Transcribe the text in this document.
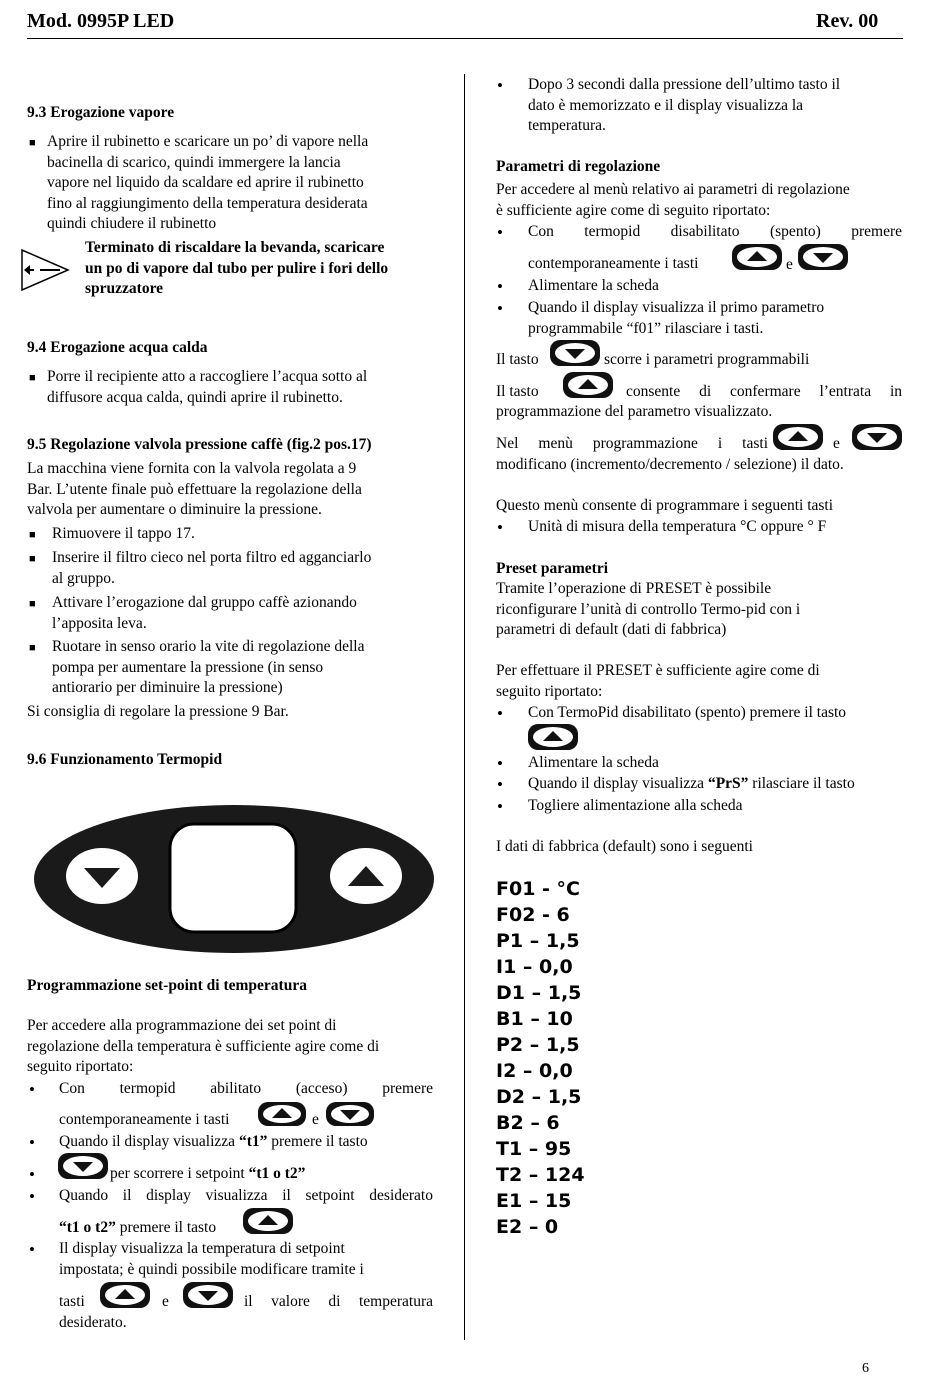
Mod. 0995P LED	Rev. 00
9.3 Erogazione vapore
■ Aprire il rubinetto e scaricare un po’ di vapore nella
bacinella di scarico, quindi immergere la lancia
vapore nel liquido da scaldare ed aprire il rubinetto
fino al raggiungimento della temperatura desiderata
quindi chiudere il rubinetto
Terminato di riscaldare la bevanda, scaricare
un po di vapore dal tubo per pulire i fori dello
spruzzatore
9.4 Erogazione acqua calda
■ Porre il recipiente atto a raccogliere l’acqua sotto al
diffusore acqua calda, quindi aprire il rubinetto.
9.5 Regolazione valvola pressione caffè (fig.2 pos.17)
La macchina viene fornita con la valvola regolata a 9
Bar. L’utente finale può effettuare la regolazione della
valvola per aumentare o diminuire la pressione.
■ Rimuovere il tappo 17.
■ Inserire il filtro cieco nel porta filtro ed agganciarlo
al gruppo.
■ Attivare l’erogazione dal gruppo caffè azionando
l’apposita leva.
■ Ruotare in senso orario la vite di regolazione della
pompa per aumentare la pressione (in senso
antiorario per diminuire la pressione)
Si consiglia di regolare la pressione 9 Bar.
9.6 Funzionamento Termopid
Programmazione set-point di temperatura
Per accedere alla programmazione dei set point di
regolazione della temperatura è sufficiente agire come di
seguito riportato:
• Con termopid abilitato (acceso) premere
contemporaneamente i tasti	e
• Quando il display visualizza “t1” premere il tasto
•	per scorrere i setpoint “t1 o t2”
• Quando il display visualizza il setpoint desiderato
“t1 o t2” premere il tasto
• Il display visualizza la temperatura di setpoint
impostata; è quindi possibile modificare tramite i
tasti	e	il valore di temperatura
desiderato.
• Dopo 3 secondi dalla pressione dell’ultimo tasto il
dato è memorizzato e il display visualizza la
temperatura.
Parametri di regolazione
Per accedere al menù relativo ai parametri di regolazione
è sufficiente agire come di seguito riportato:
• Con termopid disabilitato (spento) premere
contemporaneamente i tasti	e
• Alimentare la scheda
• Quando il display visualizza il primo parametro
programmabile “f01” rilasciare i tasti.
Il tasto	scorre i parametri programmabili
Il tasto	consente di confermare l’entrata in
programmazione del parametro visualizzato.
Nel menù programmazione i tasti	e
modificano (incremento/decremento / selezione) il dato.
Questo menù consente di programmare i seguenti tasti
• Unità di misura della temperatura °C oppure ° F
Preset parametri
Tramite l’operazione di PRESET è possibile
riconfigurare l’unità di controllo Termo-pid con i
parametri di default (dati di fabbrica)
Per effettuare il PRESET è sufficiente agire come di
seguito riportato:
• Con TermoPid disabilitato (spento) premere il tasto
• Alimentare la scheda
• Quando il display visualizza “PrS” rilasciare il tasto
• Togliere alimentazione alla scheda
I dati di fabbrica (default) sono i seguenti
F01 - °C
F02 - 6
P1 – 1,5
I1 – 0,0
D1 – 1,5
B1 – 10
P2 – 1,5
I2 – 0,0
D2 – 1,5
B2 – 6
T1 – 95
T2 – 124
E1 – 15
E2 – 0
6
